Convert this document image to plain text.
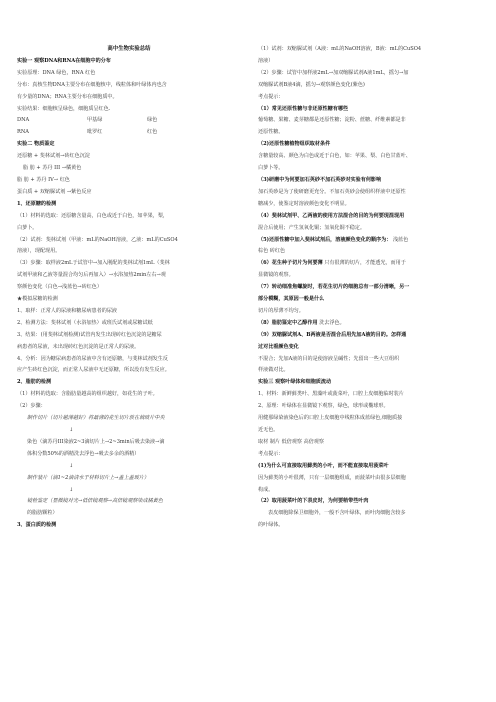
高中生物实验总结
实验一 观察DNA和RNA在细胞中的分布
实验原理：DNA 绿色，RNA 红色
分布：真核生物DNA主要分布在细胞核中，线粒体和叶绿体内也含
有少量的DNA；RNA主要分布在细胞质中。
实验结果：细胞核呈绿色，细胞质呈红色.
DNA	甲基绿	绿色
RNA	吡罗红	红色
实验二 物质鉴定
还原糖 + 斐林试剂→砖红色沉淀
脂 肪 + 苏丹 III →橘黄色
脂 肪 + 苏丹 IV→ 红色
蛋白质 + 双缩脲试剂 →紫色反应
1、还原糖的检测
（1）材料的选取：还原糖含量高，白色或近于白色，如苹果，梨，
白萝卜。
（2）试剂：斐林试剂（甲液：mL的NaOH溶液，乙液：mL的CuSO4
溶液），现配现用。
（3）步骤：取样液2mL于试管中→加入刚配的斐林试剂1mL（斐林
试剂甲液和乙液等量混合均匀后再加入）→水浴加热2min左右→观
察颜色变化（白色→浅蓝色→砖红色）
★模拟尿糖的检测
1、取样：正常人的尿液和糖尿病患者的尿液
2、检测方法：斐林试剂（水浴加热）或班氏试剂或尿糖试纸
3、结果：(用斐林试剂检测)试管内发生出现砖红色沉淀的是糖尿
病患者的尿液，未出现砖红色沉淀的是正常人的尿液。
4、分析：因为糖尿病患者的尿液中含有还原糖，与斐林试剂发生反
应产生砖红色沉淀，而正常人尿液中无还原糖，所以没有发生反应。
2、脂肪的检测
（1）材料的选取：含脂肪量越高的组织越好，如花生的子叶。
（2）步骤：
制作切片（切片越薄越好）将最薄的花生切片放在载玻片中央
↓
染色（滴苏丹III染液2~3滴切片上→2~3min后吸去染液→滴
体积分数50%的酒精洗去浮色→吸去多余的酒精）
↓
制作装片（滴1~2滴清水于材料切片上→盖上盖玻片）
↓
镜检鉴定（显微镜对光→低倍镜观察→高倍镜观察染成橘黄色
的脂肪颗粒）
3、蛋白质的检测
（1）试剂：双缩脲试剂（A液：mL的NaOH溶液，B液：mL的CuSO4
溶液）
（2）步骤：试管中加样液2mL→加双缩脲试剂A液1mL，摇匀→加
双缩脲试剂B液4滴，摇匀→观察颜色变化(紫色)
考点提示：
（1）常见还原性糖与非还原性糖有哪些
葡萄糖、果糖、麦芽糖都是还原性糖；淀粉、蔗糖、纤维素都是非
还原性糖。
（2)还原性糖植物组织取材条件
含糖量较高、颜色为白色或近于白色，如：苹果、梨、白色甘蓝叶、
白萝卜等。
（3)研磨中为何要加石英砂不加石英砂对实验有何影响
加石英砂是为了使研磨更充分。不加石英砂会使组织样液中还原性
糖减少，使鉴定时溶液颜色变化不明显。
（4）斐林试剂甲、乙两液的使用方法混合的目的为何要现混现用
混合后使用；产生氢氧化铜；氢氧化铜不稳定。
（5)还原性糖中加入斐林试剂后，溶液颜色变化的顺序为： 浅蓝色
棕色 砖红色
（6）花生种子切片为何要薄 只有很薄的切片，才能透光，而用于
显微镜的观察。
（7）转动细准焦螺旋时，若花生切片的细胞总有一部分清晰，另一
部分模糊，其原因一般是什么
切片的厚薄不均匀。
（8）脂肪鉴定中乙醇作用 洗去浮色。
（9）双缩脲试剂A、B两液是否混合后用先加A液的目的。怎样通
过对比看颜色变化
不混合；先加A液的目的是使溶液呈碱性；先留出一些大豆组织
样液做对比。
实验三 观察叶绿体和细胞质流动
1、材料：新鲜藓类叶、黑藻叶或菠菜叶，口腔上皮细胞临时装片
2、原理：叶绿体在显微镜下观察，绿色，球形或椭球形。
用健那绿染液染色后的口腔上皮细胞中线粒体成蓝绿色,细胞质接
近无色。
取材 制片 低倍观察 高倍观察
考点提示：
(1)为什么可直接取用藓类的小叶，而不能直接取用菠菜叶
因为藓类的小叶很薄，只有一层细胞组成，而菠菜叶由很多层细胞
构成。
（2）取用菠菜叶的下表皮时，为何要稍带些叶肉
表皮细胞除保卫细胞外，一般不含叶绿体，而叶肉细胞含较多
的叶绿体。
